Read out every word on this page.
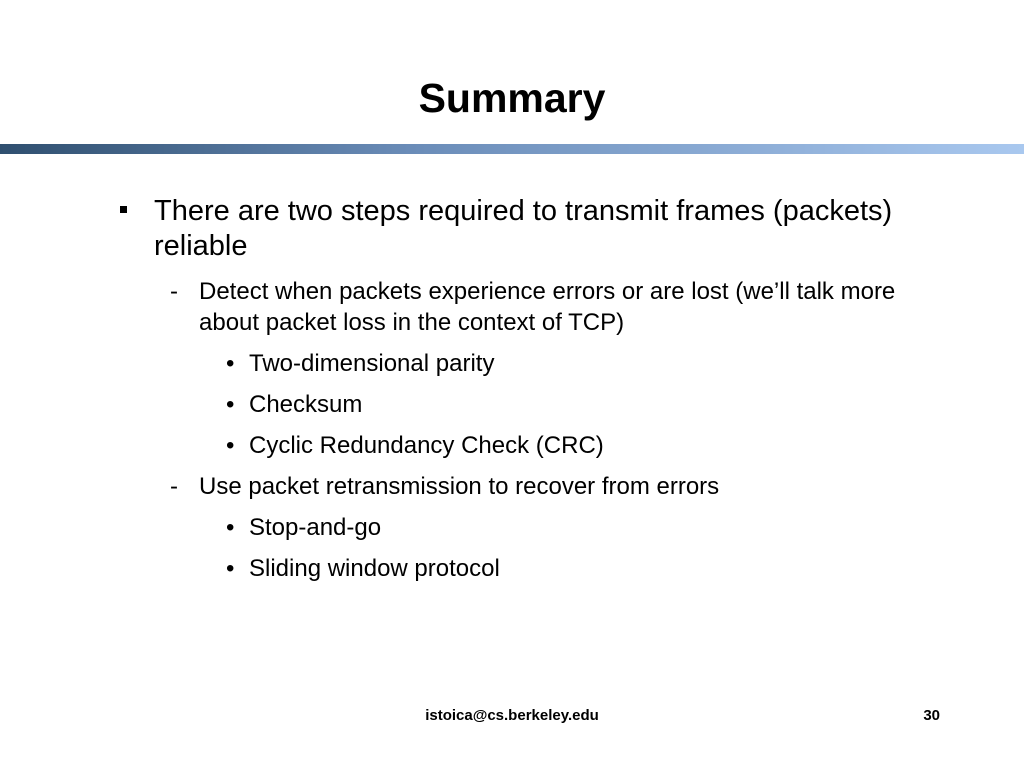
Summary
There are two steps required to transmit frames (packets) reliable
- Detect when packets experience errors or are lost (we’ll talk more about packet loss in the context of TCP)
• Two-dimensional parity
• Checksum
• Cyclic Redundancy Check (CRC)
- Use packet retransmission to recover from errors
• Stop-and-go
• Sliding window protocol
istoica@cs.berkeley.edu	30
